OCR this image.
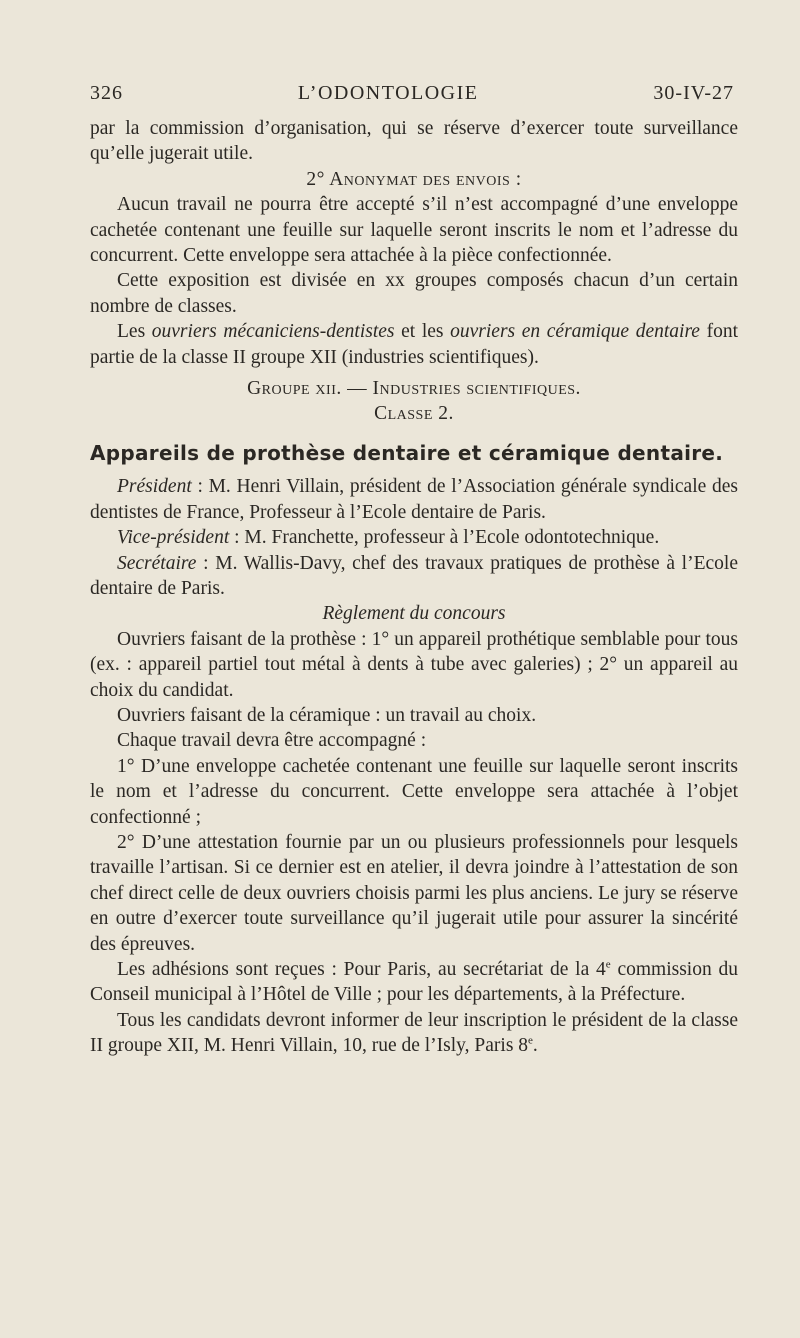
326	L’ODONTOLOGIE	30-IV-27

par la commission d’organisation, qui se réserve d’exercer toute surveillance qu’elle jugerait utile.

2° Anonymat des envois :

Aucun travail ne pourra être accepté s’il n’est accompagné d’une enveloppe cachetée contenant une feuille sur laquelle seront inscrits le nom et l’adresse du concurrent. Cette enveloppe sera attachée à la pièce confectionnée.

Cette exposition est divisée en xx groupes composés chacun d’un certain nombre de classes.

Les ouvriers mécaniciens-dentistes et les ouvriers en céramique dentaire font partie de la classe II groupe XII (industries scientifiques).

Groupe xii. — Industries scientifiques.

Classe 2.

Appareils de prothèse dentaire et céramique dentaire.

Président : M. Henri Villain, président de l’Association générale syndicale des dentistes de France, Professeur à l’Ecole dentaire de Paris.

Vice-président : M. Franchette, professeur à l’Ecole odontotechnique.

Secrétaire : M. Wallis-Davy, chef des travaux pratiques de prothèse à l’Ecole dentaire de Paris.

Règlement du concours

Ouvriers faisant de la prothèse : 1° un appareil prothétique semblable pour tous (ex. : appareil partiel tout métal à dents à tube avec galeries) ; 2° un appareil au choix du candidat.

Ouvriers faisant de la céramique : un travail au choix.

Chaque travail devra être accompagné :

1° D’une enveloppe cachetée contenant une feuille sur laquelle seront inscrits le nom et l’adresse du concurrent. Cette enveloppe sera attachée à l’objet confectionné ;

2° D’une attestation fournie par un ou plusieurs professionnels pour lesquels travaille l’artisan. Si ce dernier est en atelier, il devra joindre à l’attestation de son chef direct celle de deux ouvriers choisis parmi les plus anciens. Le jury se réserve en outre d’exercer toute surveillance qu’il jugerait utile pour assurer la sincérité des épreuves.

Les adhésions sont reçues : Pour Paris, au secrétariat de la 4e commission du Conseil municipal à l’Hôtel de Ville ; pour les départements, à la Préfecture.

Tous les candidats devront informer de leur inscription le président de la classe II groupe XII, M. Henri Villain, 10, rue de l’Isly, Paris 8e.
